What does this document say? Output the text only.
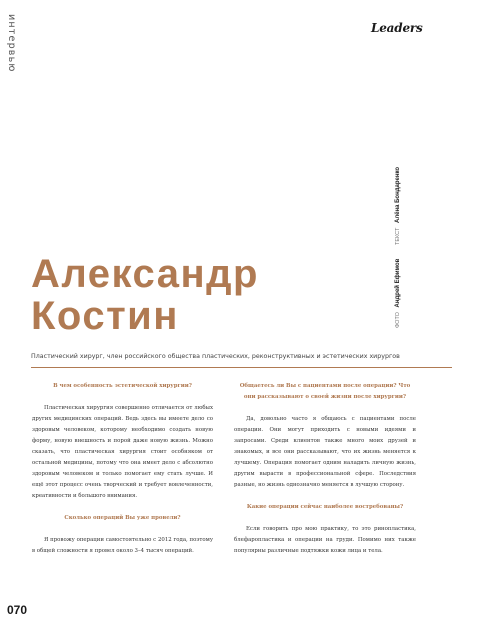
интервью	Leaders
Александр
Костин	ФОТО Андрей Ефимов ТЕКСТ Алёна Бондаренко
Пластический хирург, член российского общества пластических, реконструктивных и эстетических хирургов

В чем особенность эстетической хирургии?

Пластическая хирургия совершенно отличается от любых других медицинских операций. Ведь здесь вы имеете дело со здоровым человеком, которому необходимо создать новую форму, новую внешность и порой даже новую жизнь. Можно сказать, что пластическая хирургия стоит особняком от остальной медицины, потому что она имеет дело с абсолютно здоровым человеком и только помогает ему стать лучше. И ещё этот процесс очень творческий и требует вовлеченности, креативности и большого внимания.

Сколько операций Вы уже провели?

Я провожу операции самостоятельно с 2012 года, поэтому в общей сложности я провел около 3–4 тысяч операций.

Общаетесь ли Вы с пациентами после операции? Что они рассказывают о своей жизни после хирургии?

Да, довольно часто я общаюсь с пациентами после операции. Они могут приходить с новыми идеями и запросами. Среди клиентов также много моих друзей и знакомых, и все они рассказывают, что их жизнь меняется к лучшему. Операция помогает одним наладить личную жизнь, другим вырасти в профессиональной сфере. Последствия разные, но жизнь однозначно меняется в лучшую сторону.

Какие операции сейчас наиболее востребованы?

Если говорить про мою практику, то это ринопластика, блефаропластика и операции на груди. Помимо них также популярны различные подтяжки кожи лица и тела.

070
